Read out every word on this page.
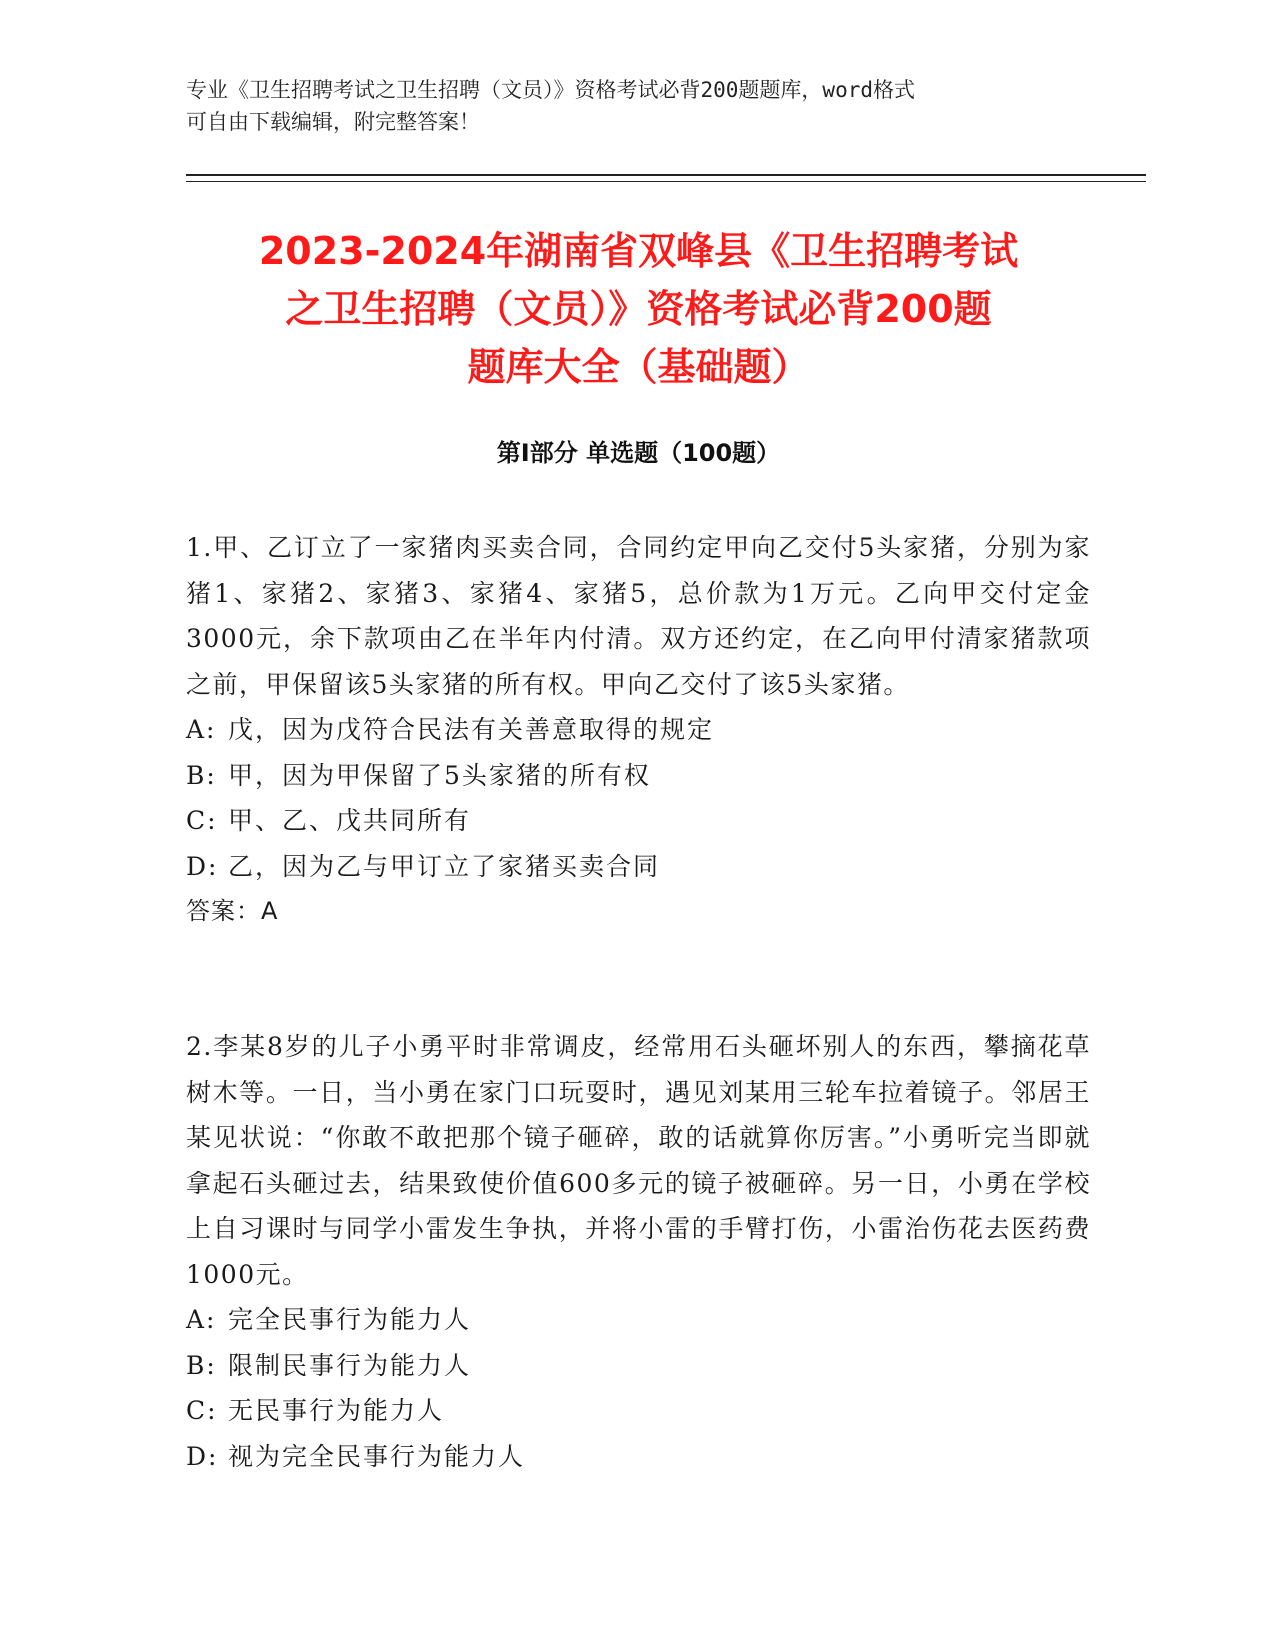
专业《卫生招聘考试之卫生招聘（文员）》资格考试必背200题题库，word格式
可自由下载编辑，附完整答案！
2023-2024年湖南省双峰县《卫生招聘考试
之卫生招聘（文员）》资格考试必背200题
题库大全（基础题）
第Ⅰ部分 单选题（100题）

1.甲、乙订立了一家猪肉买卖合同，合同约定甲向乙交付5头家猪，分别为家猪1、家猪2、家猪3、家猪4、家猪5，总价款为1万元。乙向甲交付定金3000元，余下款项由乙在半年内付清。双方还约定，在乙向甲付清家猪款项之前，甲保留该5头家猪的所有权。甲向乙交付了该5头家猪。

A: 戊，因为戊符合民法有关善意取得的规定

B: 甲，因为甲保留了5头家猪的所有权

C: 甲、乙、戊共同所有

D: 乙，因为乙与甲订立了家猪买卖合同

答案：A

2.李某8岁的儿子小勇平时非常调皮，经常用石头砸坏别人的东西，攀摘花草树木等。一日，当小勇在家门口玩耍时，遇见刘某用三轮车拉着镜子。邻居王某见状说：“你敢不敢把那个镜子砸碎，敢的话就算你厉害。”小勇听完当即就拿起石头砸过去，结果致使价值600多元的镜子被砸碎。另一日，小勇在学校上自习课时与同学小雷发生争执，并将小雷的手臂打伤，小雷治伤花去医药费1000元。

A: 完全民事行为能力人

B: 限制民事行为能力人

C: 无民事行为能力人

D: 视为完全民事行为能力人
